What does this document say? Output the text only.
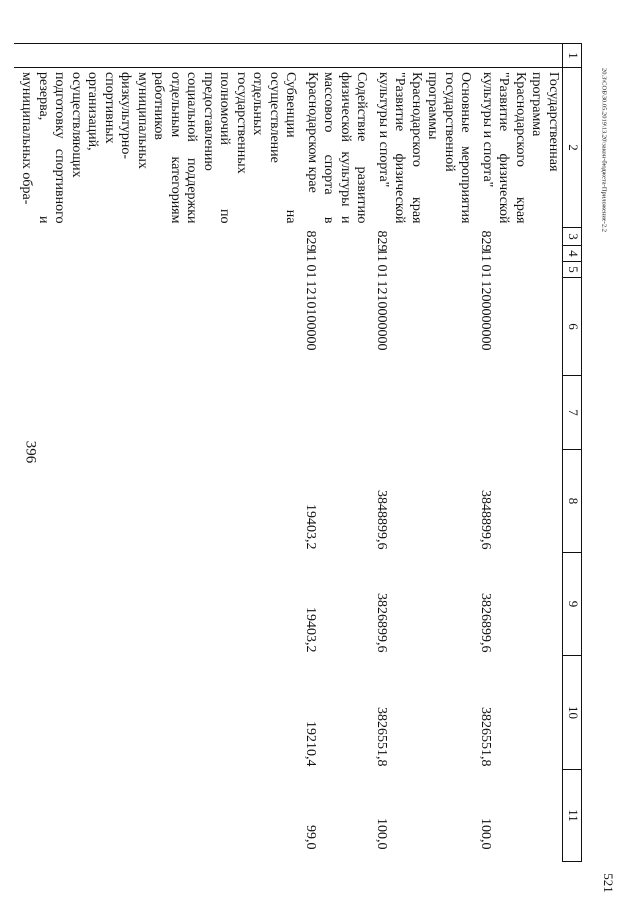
396
521
20.3\СОБ\30.05.2019\13.20\закон-бюджета-Приложение-2.2
1	2	3	4	5	6	7	8	9	10	11
	Государственная программа Краснодарского края "Развитие физической культуры и спорта"	829	11	01	1200000000		3848899,6	3826899,6	3826551,8	100,0
	Основные мероприятия государственной программы Краснодарского края "Развитие физической культуры и спорта"	829	11	01	1210000000		3848899,6	3826899,6	3826551,8	100,0
	Содействие развитию физической культуры и массового спорта в Краснодарском крае	829	11	01	1210100000		19403,2	19403,2	19210,4	99,0
	Субвенции на осуществление отдельных государственных полномочий по предоставлению социальной поддержки отдельным категориям работников муниципальных физкультурно-спортивных организаций, осуществляющих подготовку спортивного резерва, и муниципальных обра-									
